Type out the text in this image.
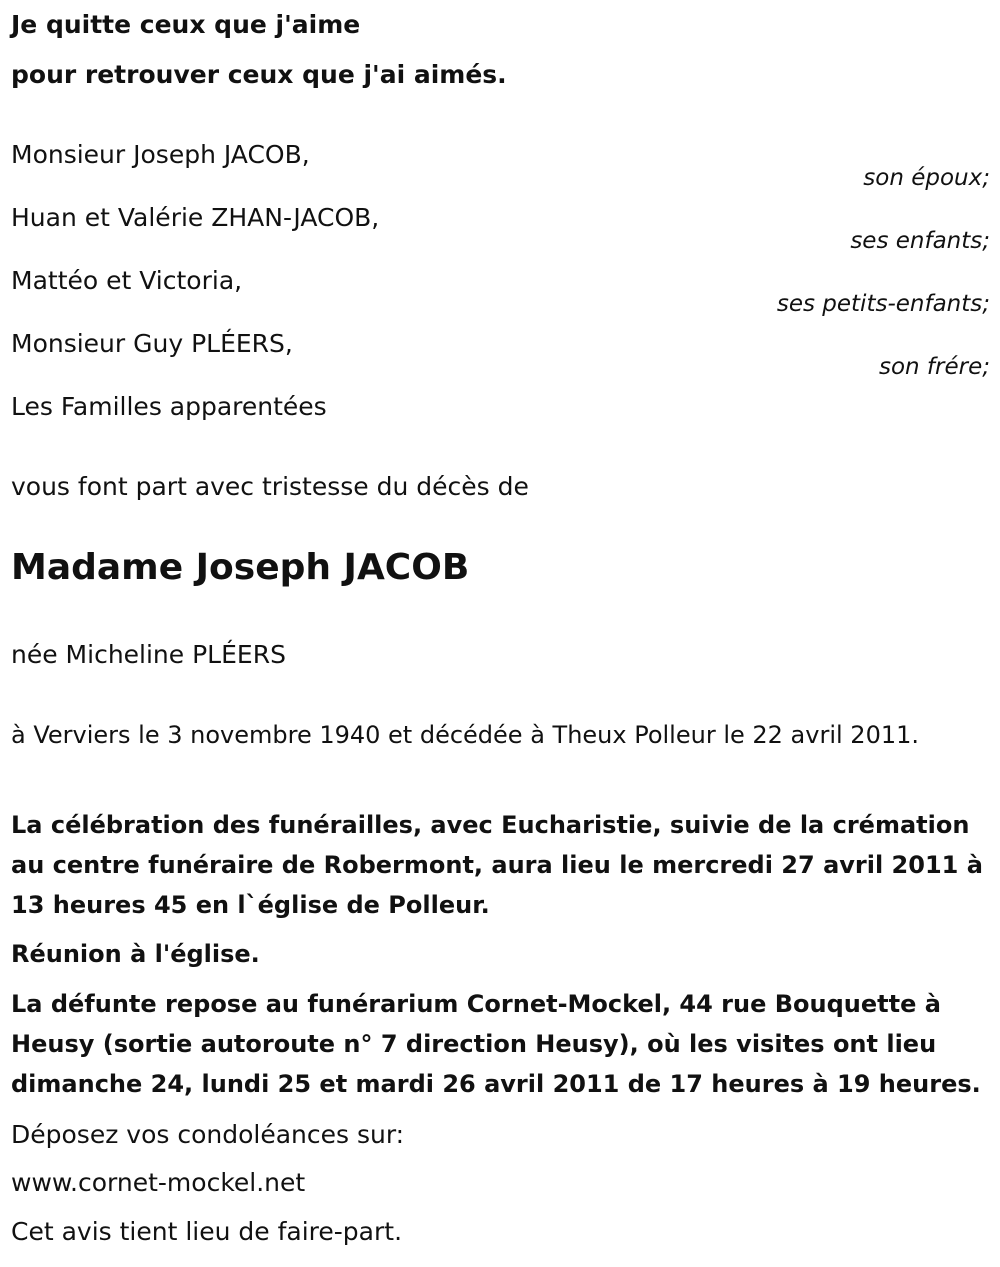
Je quitte ceux que j'aime
pour retrouver ceux que j'ai aimés.
Monsieur Joseph JACOB,
son époux;
Huan et Valérie ZHAN-JACOB,
ses enfants;
Mattéo et Victoria,
ses petits-enfants;
Monsieur Guy PLÉERS,
son frére;
Les Familles apparentées
vous font part avec tristesse du décès de
Madame Joseph JACOB
née Micheline PLÉERS
à Verviers le 3 novembre 1940 et décédée à Theux Polleur le 22 avril 2011.
La célébration des funérailles, avec Eucharistie, suivie de la crémation au centre funéraire de Robermont, aura lieu le mercredi 27 avril 2011 à 13 heures 45 en l`église de Polleur.
Réunion à l'église.
La défunte repose au funérarium Cornet-Mockel, 44 rue Bouquette à Heusy (sortie autoroute n° 7 direction Heusy), où les visites ont lieu dimanche 24, lundi 25 et mardi 26 avril 2011 de 17 heures à 19 heures.
Déposez vos condoléances sur:
www.cornet-mockel.net
Cet avis tient lieu de faire-part.
